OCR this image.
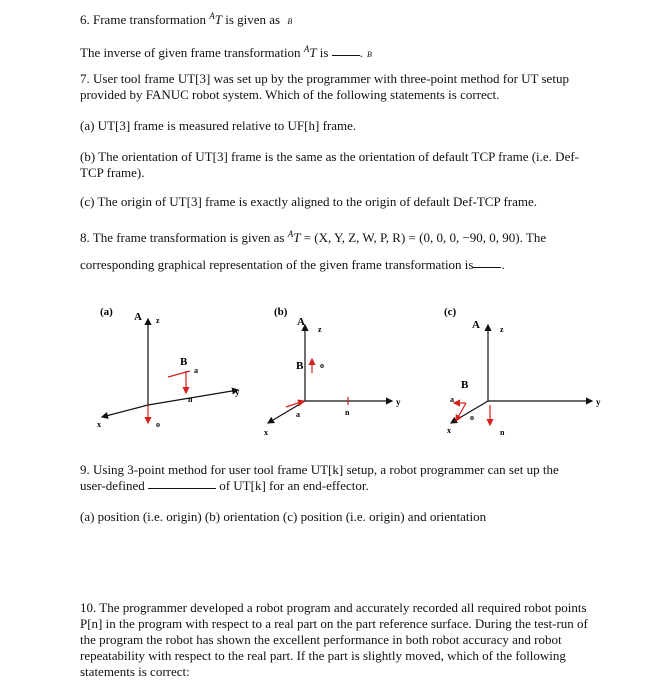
6. Frame transformation $^A$T is given as B
The inverse of given frame transformation $^A$T is . B
7. User tool frame UT[3] was set up by the programmer with three-point method for UT setup provided by FANUC robot system. Which of the following statements is correct.
(a) UT[3] frame is measured relative to UF[h] frame.
(b) The orientation of UT[3] frame is the same as the orientation of default TCP frame (i.e. Def-TCP frame).
(c) The origin of UT[3] frame is exactly aligned to the origin of default Def-TCP frame.
8. The frame transformation is given as $^A$T = (X, Y, Z, W, P, R) = (0, 0, 0, −90, 0, 90). The
corresponding graphical representation of the given frame transformation is .
(a) A z
y
x	o
B
a
n
(b)
A
z
y
x
B o
a	n
(c)
A	z
y
x
B
a
o
n
9. Using 3-point method for user tool frame UT[k] setup, a robot programmer can set up the
user-defined	of UT[k] for an end-effector.
(a) position (i.e. origin) (b) orientation (c) position (i.e. origin) and orientation
10. The programmer developed a robot program and accurately recorded all required robot points P[n] in the program with respect to a real part on the part reference surface. During the test-run of the program the robot has shown the excellent performance in both robot accuracy and robot repeatability with respect to the real part. If the part is slightly moved, which of the following statements is correct:
